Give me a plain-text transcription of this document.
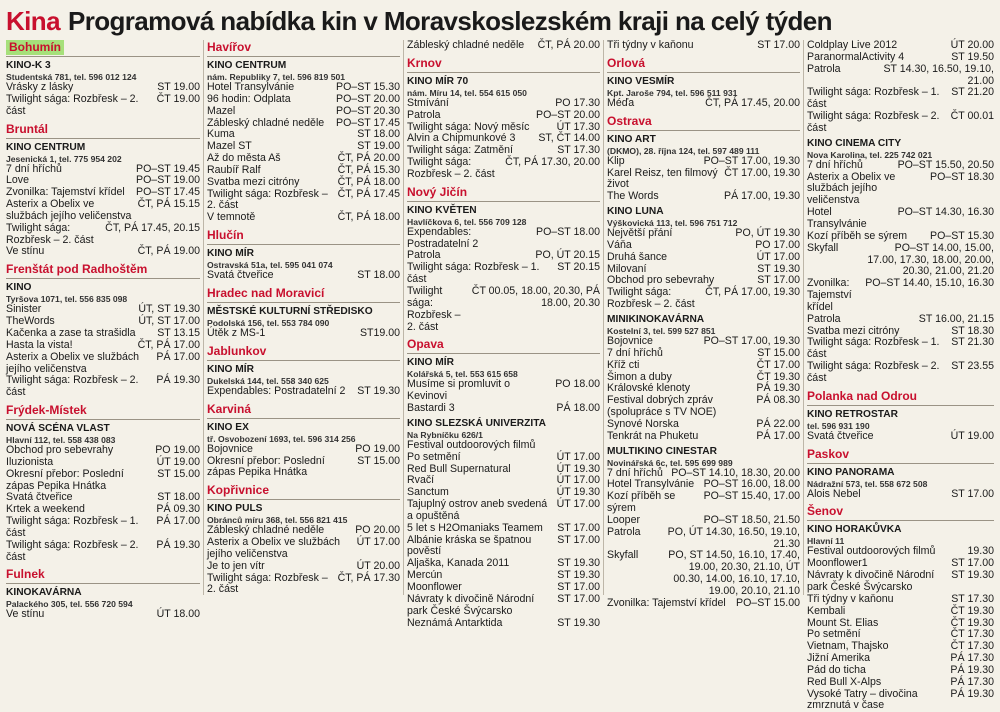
Kina Programová nabídka kin v Moravskoslezském kraji na celý týden
Bohumín
KINO-K 3
Studentská 781, tel. 596 012 124
Vrásky z lásky	ST 19.00
Twilight sága: Rozbřesk – 2. část
ČT 19.00
Bruntál
KINO CENTRUM
Jesenická 1, tel. 775 954 202
7 dní hříchů	PO–ST 19.45
Love	PO–ST 19.00
Zvonilka: Tajemství křídel	PO–ST 17.45
Asterix a Obelix ve službách jejího veličenstva
ČT, PÁ 15.15
Twilight sága: Rozbřesk – 2. část
ČT, PÁ 17.45, 20.15
Ve stínu	ČT, PÁ 19.00
Frenštát pod Radhoštěm
KINO
Tyršova 1071, tel. 556 835 098
Sinister	ÚT, ST 19.30
TheWords	ÚT, ST 17.00
Kačenka a zase ta strašidla	ST 13.15
Hasta la vista!	ČT, PÁ 17.00
Asterix a Obelix ve službách jejího veličenstva
PÁ 17.00
Twilight sága: Rozbřesk – 2. část
PÁ 19.30
Frýdek-Místek
NOVÁ SCÉNA VLAST
Hlavní 112, tel. 558 438 083
Obchod pro sebevrahy	PO 19.00
Iluzionista	ÚT 19.00
Okresní přebor: Poslední zápas Pepika Hnátka
ST 15.00
Svatá čtveřice	ST 18.00
Krtek a weekend	PÁ 09.30
Twilight sága: Rozbřesk – 1. část
PÁ 17.00
Twilight sága: Rozbřesk – 2. část
PÁ 19.30
Fulnek
KINOKAVÁRNA
Palackého 305, tel. 556 720 594
Ve stínu	ÚT 18.00
Havířov
KINO CENTRUM
nám. Republiky 7, tel. 596 819 501
Hotel Transylvánie	PO–ST 15.30
96 hodin: Odplata	PO–ST 20.00
Mazel	PO–ST 20.30
Zábleský chladné neděle	PO–ST 17.45
Kuma	ST 18.00
Mazel ST	ST 19.00
Až do města Aš	ČT, PÁ 20.00
Raubíř Ralf	ČT, PÁ 15.30
Svatba mezi citróny	ČT, PÁ 18.00
Twilight sága: Rozbřesk – 2. část
ČT, PÁ 17.45
V temnotě	ČT, PÁ 18.00
Hlučín
KINO MÍR
Ostravská 51a, tel. 595 041 074
Svatá čtveřice	ST 18.00
Hradec nad Moravicí
MĚSTSKÉ KULTURNÍ STŘEDISKO
Podolská 156, tel. 553 784 090
Útěk z MS-1	ST19.00
Jablunkov
KINO MÍR
Dukelská 144, tel. 558 340 625
Expendables: Postradatelní 2	ST 19.30
Karviná
KINO EX
tř. Osvobození 1693, tel. 596 314 256
Bojovnice	PO 19.00
Okresní přebor: Poslední zápas Pepika Hnátka
ST 15.00
Kopřivnice
KINO PULS
Obránců míru 368, tel. 556 821 415
Zábleský chladné neděle	PO 20.00
Asterix a Obelix ve službách jejího veličenstva
ÚT 17.00
Je to jen vítr	ÚT 20.00
Twilight sága: Rozbřesk – 2. část
ČT, PÁ 17.30
Zábleský chladné neděle	ČT, PÁ 20.00
Krnov
KINO MÍR 70
nám. Míru 14, tel. 554 615 050
Stmívání	PO 17.30
Patrola	PO–ST 20.00
Twilight sága: Nový měsíc	ÚT 17.30
Alvin a Chipmunkové 3	ST, ČT 14.00
Twilight sága: Zatmění	ST 17.30
Twilight sága: Rozbřesk – 2. část
ČT, PÁ 17.30, 20.00
Nový Jičín
KINO KVĚTEN
Havlíčkova 6, tel. 556 709 128
Expendables: Postradatelní 2
PO–ST 18.00
Patrola	PO, ÚT 20.15
Twilight sága: Rozbřesk – 1. část
ST 20.15
Twilight sága: Rozbřesk – 2. část
ČT 00.05, 18.00, 20.30, PÁ 18.00, 20.30
Opava
KINO MÍR
Kolářská 5, tel. 553 615 658
Musíme si promluvit o Kevinovi
PO 18.00
Bastardi 3	PÁ 18.00
KINO SLEZSKÁ UNIVERZITA
Na Rybníčku 626/1
Festival outdoorových filmů
Po setmění	ÚT 17.00
Red Bull Supernatural	ÚT 19.30
Rvačí	ÚT 17.00
Sanctum	ÚT 19.30
Tajuplný ostrov aneb svedená a opuštěná
ÚT 17.00
5 let s H2Omaniaks Teamem	ST 17.00
Albánie kráska se špatnou pověstí
ST 17.00
Aljaška, Kanada 2011	ST 19.30
Mercún	ST 19.30
Moonflower	ST 17.00
Návraty k divočině Národní park České Švýcarsko
ST 17.00
Neznámá Antarktida	ST 19.30
Tři týdny v kaňonu	ST 17.00
Orlová
KINO VESMÍR
Kpt. Jaroše 794, tel. 596 511 931
Méďa	ČT, PÁ 17.45, 20.00
Ostrava
KINO ART
(DKMO), 28. října 124, tel. 597 489 111
Klip	PO–ST 17.00, 19.30
Karel Reisz, ten filmový život
ČT 17.00, 19.30
The Words	PÁ 17.00, 19.30
KINO LUNA
Výškovická 113, tel. 596 751 712
Největší přání	PO, ÚT 19.30
Váňa	PO 17.00
Druhá šance	ÚT 17.00
Milovaní	ST 19.30
Obchod pro sebevrahy	ST 17.00
Twilight sága: Rozbřesk – 2. část
ČT, PÁ 17.00, 19.30
MINIKINOKAVÁRNA
Kostelní 3, tel. 599 527 851
Bojovnice	PO–ST 17.00, 19.30
7 dní hříchů	ST 15.00
Kříž cti	ČT 17.00
Šimon a duby	ČT 19.30
Královské klenoty	PÁ 19.30
Festival dobrých zpráv (spolupráce s TV NOE)
PÁ 08.30
Synové Norska	PÁ 22.00
Tenkrát na Phuketu	PÁ 17.00
MULTIKINO CINESTAR
Novinářská 6c, tel. 595 699 989
7 dní hříchů PO–ST 14.10, 18.30, 20.00
Hotel Transylvánie PO–ST 16.00, 18.00
Kozí příběh se sýrem
PO–ST 15.40, 17.00
Looper	PO–ST 18.50, 21.50
Patrola	PO, ÚT 14.30, 16.50, 19.10, 21.30
Skyfall	PO, ST 14.50, 16.10, 17.40, 19.00, 20.30, 21.10, ÚT 00.30, 14.00, 16.10, 17.10, 19.00, 20.10, 21.10
Zvonilka: Tajemství křídel PO–ST 15.00
Coldplay Live 2012	ÚT 20.00
ParanormalActivity 4	ST 19.50
Patrola	ST 14.30, 16.50, 19.10, 21.00
Twilight sága: Rozbřesk – 1. část
ST 21.20
Twilight sága: Rozbřesk – 2. část
ČT 00.01
KINO CINEMA CITY
Nova Karolina, tel. 225 742 021
7 dní hříchů	PO–ST 15.50, 20.50
Asterix a Obelix ve službách jejího veličenstva
PO–ST 18.30
Hotel Transylvánie
PO–ST 14.30, 16.30
Kozí příběh se sýrem	PO–ST 15.30
Skyfall	PO–ST 14.00, 15.00, 17.00, 17.30, 18.00, 20.00, 20.30, 21.00, 21.20
Zvonilka: Tajemství křídel
PO–ST 14.40, 15.10, 16.30
Patrola	ST 16.00, 21.15
Svatba mezi citróny	ST 18.30
Twilight sága: Rozbřesk – 1. část
ST 21.30
Twilight sága: Rozbřesk – 2. část
ST 23.55
Polanka nad Odrou
KINO RETROSTAR
tel. 596 931 190
Svatá čtveřice	ÚT 19.00
Paskov
KINO PANORAMA
Nádražní 573, tel. 558 672 508
Alois Nebel	ST 17.00
Šenov
KINO HORAKŮVKA
Hlavní 11
Festival outdoorových filmů	19.30
Moonflower1	ST 17.00
Návraty k divočině Národní park České Švýcarsko
ST 19.30
Tři týdny v kaňonu	ST 17.30
Kembali	ČT 19.30
Mount St. Elias	ČT 19.30
Po setmění	ČT 17.30
Vietnam, Thajsko	ČT 17.30
Jižní Amerika	PÁ 17.30
Pád do ticha	PÁ 19.30
Red Bull X-Alps	PÁ 17.30
Vysoké Tatry – divočina zmrznutá v čase
PÁ 19.30
